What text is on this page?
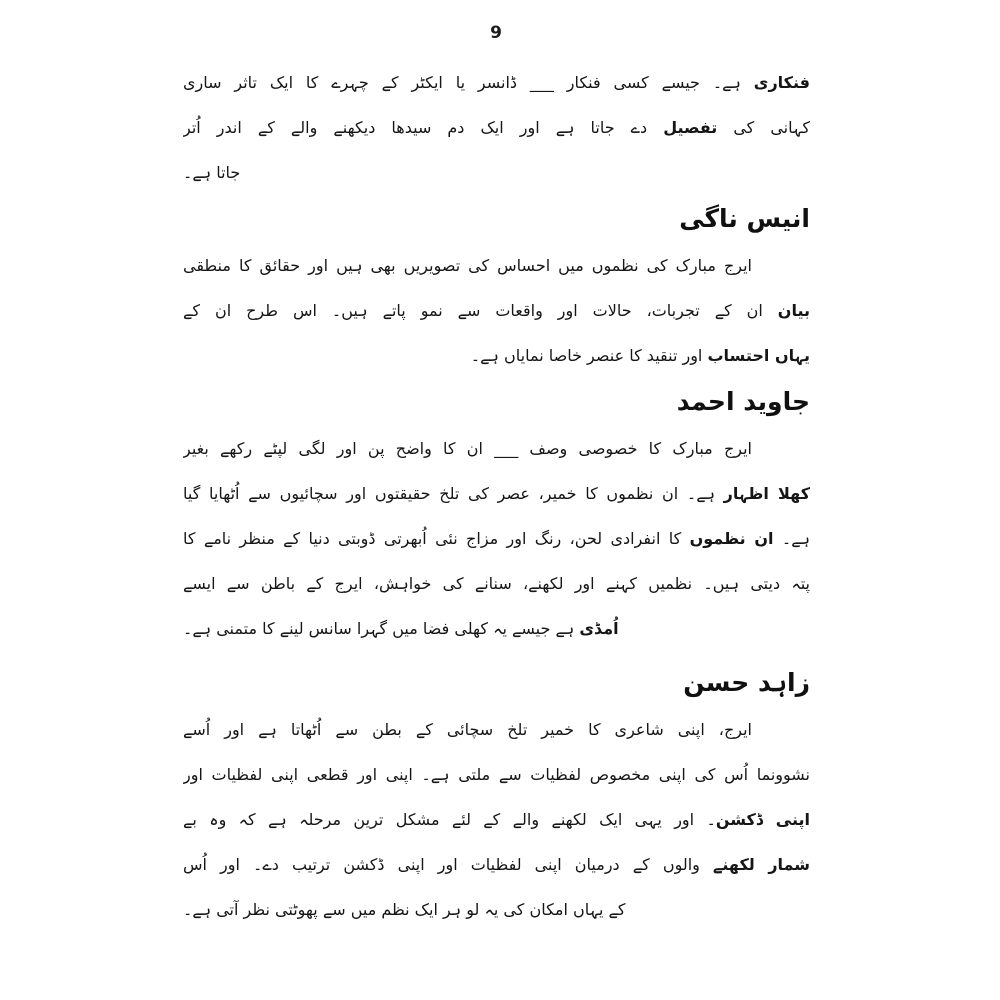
9
فنکاری ہے۔ جیسے کسی فنکار ___ ڈانسر یا ایکٹر کے چہرے کا ایک تاثر ساری
کہانی کی تفصیل دے جاتا ہے اور ایک دم سیدھا دیکھنے والے کے اندر اُتر
جاتا ہے۔
انیس ناگی
ایرج مبارک کی نظموں میں احساس کی تصویریں بھی ہیں اور حقائق کا منطقی
بیان ان کے تجربات، حالات اور واقعات سے نمو پاتے ہیں۔ اس طرح ان کے
یہاں احتساب اور تنقید کا عنصر خاصا نمایاں ہے۔
جاوید احمد
ایرج مبارک کا خصوصی وصف ___ ان کا واضح پن اور لگی لپٹے رکھے بغیر
کھلا اظہار ہے۔ ان نظموں کا خمیر، عصر کی تلخ حقیقتوں اور سچائیوں سے اُٹھایا گیا
ہے۔ ان نظموں کا انفرادی لحن، رنگ اور مزاج نئی اُبھرتی ڈوبتی دنیا کے منظر نامے کا
پتہ دیتی ہیں۔ نظمیں کہنے اور لکھنے، سنانے کی خواہش، ایرج کے باطن سے ایسے
اُمڈی ہے جیسے یہ کھلی فضا میں گہرا سانس لینے کا متمنی ہے۔
زاہد حسن
ایرج، اپنی شاعری کا خمیر تلخ سچائی کے بطن سے اُٹھاتا ہے اور اُسے
نشوونما اُس کی اپنی مخصوص لفظیات سے ملتی ہے۔ اپنی اور قطعی اپنی لفظیات اور
اپنی ڈکشن۔ اور یہی ایک لکھنے والے کے لئے مشکل ترین مرحلہ ہے کہ وہ بے
شمار لکھنے والوں کے درمیان اپنی لفظیات اور اپنی ڈکشن ترتیب دے۔ اور اُس
کے یہاں امکان کی یہ لو ہر ایک نظم میں سے پھوٹتی نظر آتی ہے۔
